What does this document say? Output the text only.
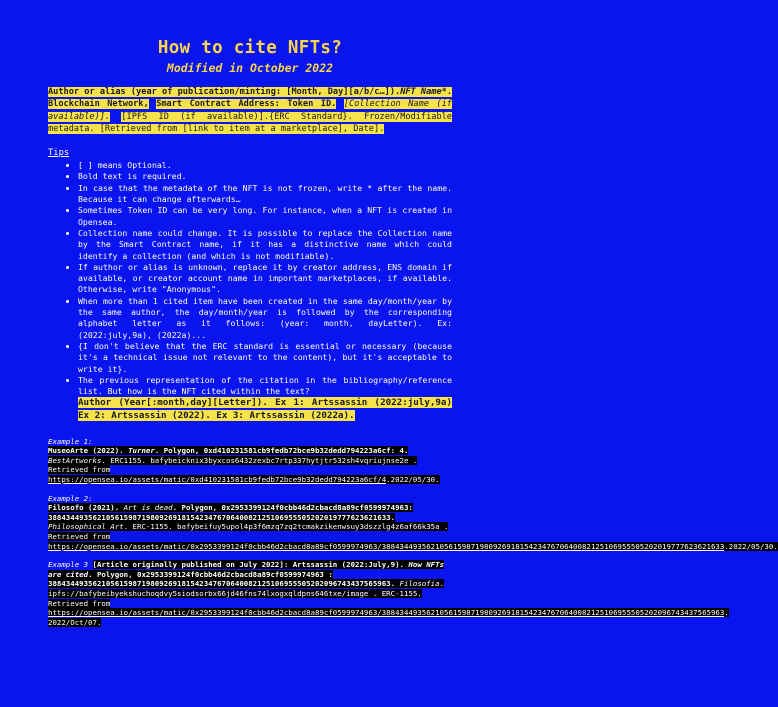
How to cite NFTs?
Modified in October 2022
Author or alias (year of publication/minting: [Month, Day][a/b/c…]).NFT Name*. Blockchain Network, Smart Contract Address: Token ID. [Collection Name (if available)]. [IPFS ID (if available)].{ERC Standard}. Frozen/Modifiable metadata. [Retrieved from [link to item at a marketplace], Date].
Tips
• [ ] means Optional.
• Bold text is required.
• In case that the metadata of the NFT is not frozen, write * after the name. Because it can change afterwards…
• Sometimes Token ID can be very long. For instance, when a NFT is created in Opensea.
• Collection name could change. It is possible to replace the Collection name by the Smart Contract name, if it has a distinctive name which could identify a collection (and which is not modifiable).
• If author or alias is unknown, replace it by creator address, ENS domain if available, or creator account name in important marketplaces, if available. Otherwise, write "Anonymous".
• When more than 1 cited item have been created in the same day/month/year by the same author, the day/month/year is followed by the corresponding alphabet letter as it follows: (year: month, dayLetter). Ex: (2022:july,9a), (2022a)...
• {I don't believe that the ERC standard is essential or necessary (because it's a technical issue not relevant to the content), but it's acceptable to write it}.
• The previous representation of the citation in the bibliography/reference list. But how is the NFT cited within the text?
Author (Year[:month,day][Letter]). Ex 1: Artssassin (2022:july,9a) Ex 2: Artssassin (2022). Ex 3: Artssassin (2022a).
Example 1:
MuseoArte (2022). Turner. Polygon, 0xd410231581cb9fedb72bce9b32dedd794223a6cf: 4. BestArtworks. ERC1155. bafybeicknix3byxcos6432zexbc7rtp337hytjtr532sh4vqriujnse2e . Retrieved from https://opensea.io/assets/matic/0xd410231581cb9fedb72bce9b32dedd794223a6cf/4.2022/05/30.
Example 2:
Filosofo (2021). Art is dead. Polygon, 0x2953399124f0cbb46d2cbacd8a89cf0599974963: 38843449356210561598719809269181542347670640082125106955505202019777623621633. Philosophical Art. ERC-1155. bafybeifuy5upol4p3f6mzq7zq2tcmakzikenwsuy3dszzlg4z6af66k35a . Retrieved from https://opensea.io/assets/matic/0x2953399124f0cbb46d2cbacd8a89cf0599974963/38843449356210561598719809269181542347670640082125106955505202019777623621633.2022/05/30.
Example 3 [Article originally published on July 2022]: Artssassin (2022:July,9). How NFTs are cited. Polygon, 0x2953399124f0cbb46d2cbacd8a89cf0599974963 : 38843449356210561598719809269181542347670640082125106955505202096743437565963. Filosofia. ipfs://bafybeibyekshuchoqdvy5siodsorbx66jd46fns74lxogxqldpns646txe/image . ERC-1155. Retrieved from https://opensea.io/assets/matic/0x2953399124f0cbb46d2cbacd8a89cf0599974963/38843449356210561598719809269181542347670640082125106955505202096743437565963. 2022/Oct/07.
